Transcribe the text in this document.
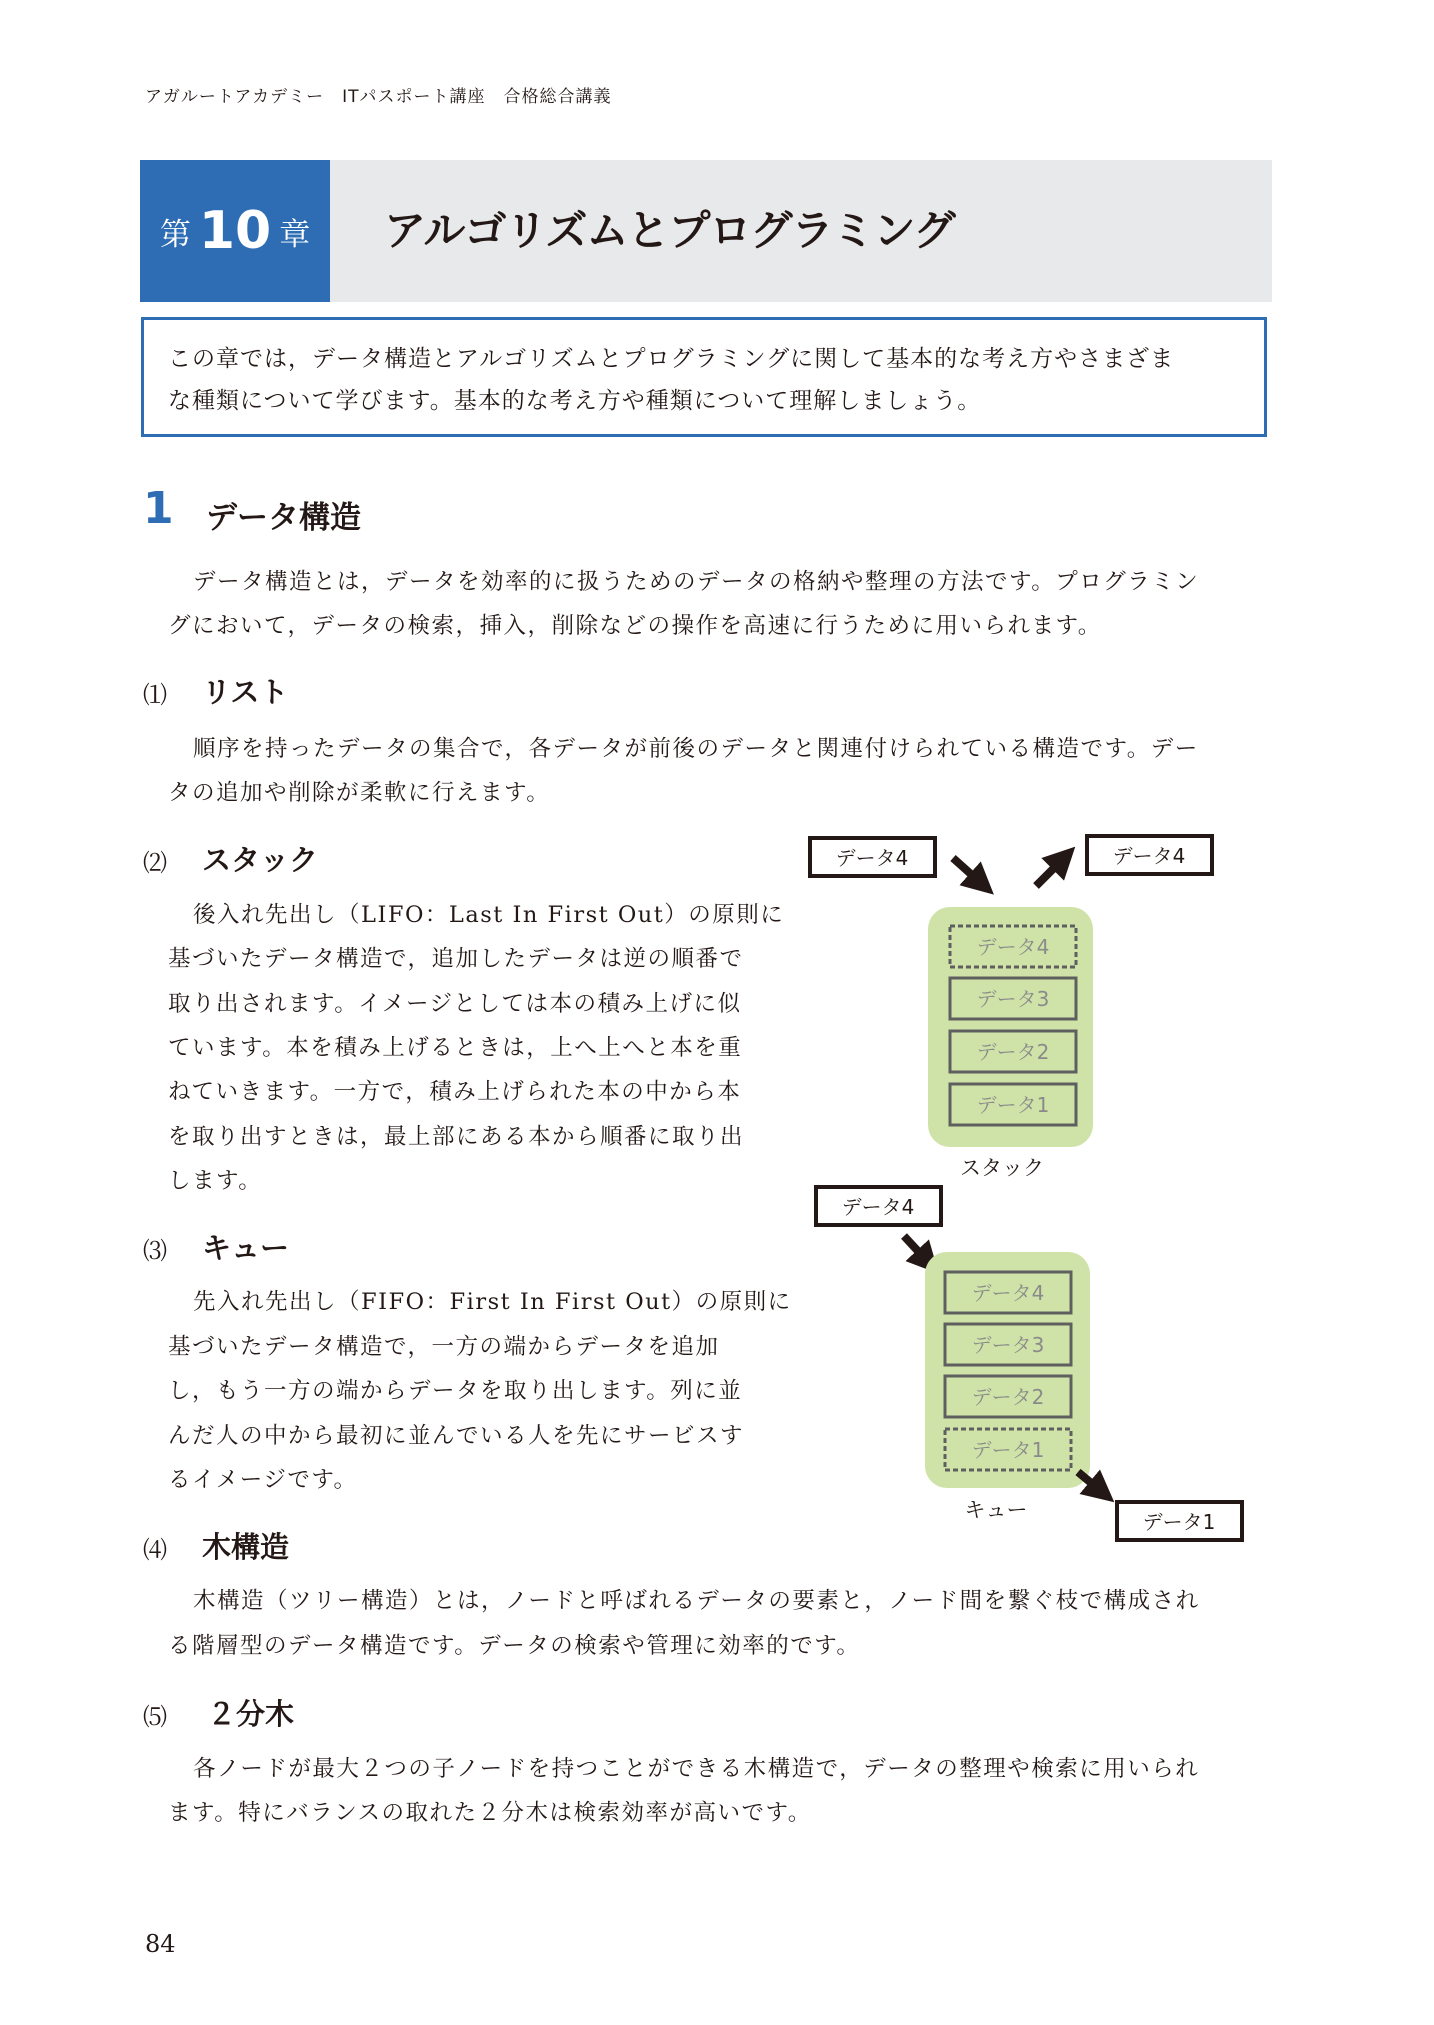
アガルートアカデミー　ITパスポート講座　合格総合講義
第 10 章 アルゴリズムとプログラミング
この章では，データ構造とアルゴリズムとプログラミングに関して基本的な考え方やさまざま
な種類について学びます。基本的な考え方や種類について理解しましょう。
1 データ構造
データ構造とは，データを効率的に扱うためのデータの格納や整理の方法です。プログラミン
グにおいて，データの検索，挿入，削除などの操作を高速に行うために用いられます。
⑴ リスト
順序を持ったデータの集合で，各データが前後のデータと関連付けられている構造です。デー
タの追加や削除が柔軟に行えます。
⑵ スタック
後入れ先出し（LIFO：Last In First Out）の原則に
基づいたデータ構造で，追加したデータは逆の順番で
取り出されます。イメージとしては本の積み上げに似
ています。本を積み上げるときは，上へ上へと本を重
ねていきます。一方で，積み上げられた本の中から本
を取り出すときは，最上部にある本から順番に取り出
します。
⑶ キュー
先入れ先出し（FIFO：First In First Out）の原則に
基づいたデータ構造で，一方の端からデータを追加
し，もう一方の端からデータを取り出します。列に並
んだ人の中から最初に並んでいる人を先にサービスす
るイメージです。
⑷ 木構造
木構造（ツリー構造）とは，ノードと呼ばれるデータの要素と，ノード間を繋ぐ枝で構成され
る階層型のデータ構造です。データの検索や管理に効率的です。
⑸ ２分木
各ノードが最大２つの子ノードを持つことができる木構造で，データの整理や検索に用いられ
ます。特にバランスの取れた２分木は検索効率が高いです。
データ4	データ4
データ4
データ3
データ2
データ1
スタック
データ4
データ4
データ3
データ2
データ1
データ1
キュー
84
